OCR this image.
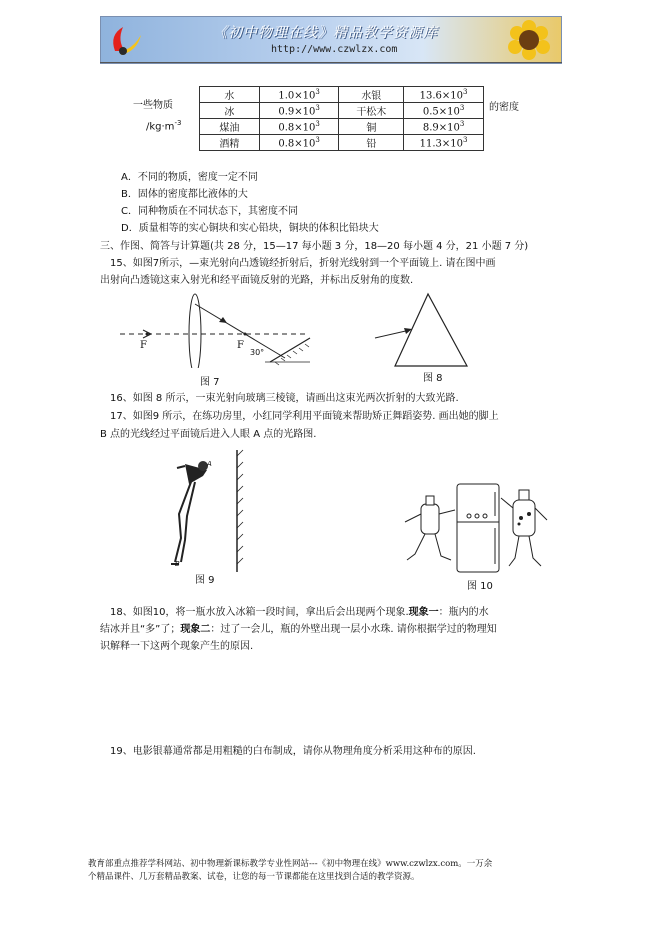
《初中物理在线》精品教学资源库
http://www.czwlzx.com
一些物质
$/kg\cdot m^{-3}$
的密度
水	$1.0\times 10^3$	水银	$13.6\times 10^3$
冰	$0.9\times 10^3$	干松木	$0.5\times 10^3$
煤油	$0.8\times 10^3$	铜	$8.9\times 10^3$
酒精	$0.8\times 10^3$	铅	$11.3\times 10^3$
A．不同的物质，密度一定不同
B．固体的密度都比液体的大
C．同种物质在不同状态下，其密度不同
D．质量相等的实心铜块和实心铅块，铜块的体积比铅块大
三、作图、简答与计算题(共 28 分，15—17 每小题 3 分，18—20 每小题 4 分，21 小题 7 分)
15、如图7所示，—束光射向凸透镜经折射后，折射光线射到一个平面镜上. 请在图中画
出射向凸透镜这束入射光和经平面镜反射的光路，并标出反射角的度数.
F	F
30°
图 7	图 8
16、如图 8 所示，一束光射向玻璃三棱镜，请画出这束光两次折射的大致光路.
17、如图9 所示，在练功房里，小红同学利用平面镜来帮助矫正舞蹈姿势. 画出她的脚上
B 点的光线经过平面镜后进入人眼 A 点的光路图.
A
B
图 9
图 10
18、如图10，将一瓶水放入冰箱一段时间，拿出后会出现两个现象.现象一：瓶内的水
结冰并且“多”了；现象二：过了一会儿，瓶的外壁出现一层小水珠. 请你根据学过的物理知
识解释一下这两个现象产生的原因.
19、电影银幕通常都是用粗糙的白布制成，请你从物理角度分析采用这种布的原因.
教育部重点推荐学科网站、初中物理新课标教学专业性网站---《初中物理在线》www.czwlzx.com。一万余
个精品课件、几万套精品教案、试卷，让您的每一节课都能在这里找到合适的教学资源。
